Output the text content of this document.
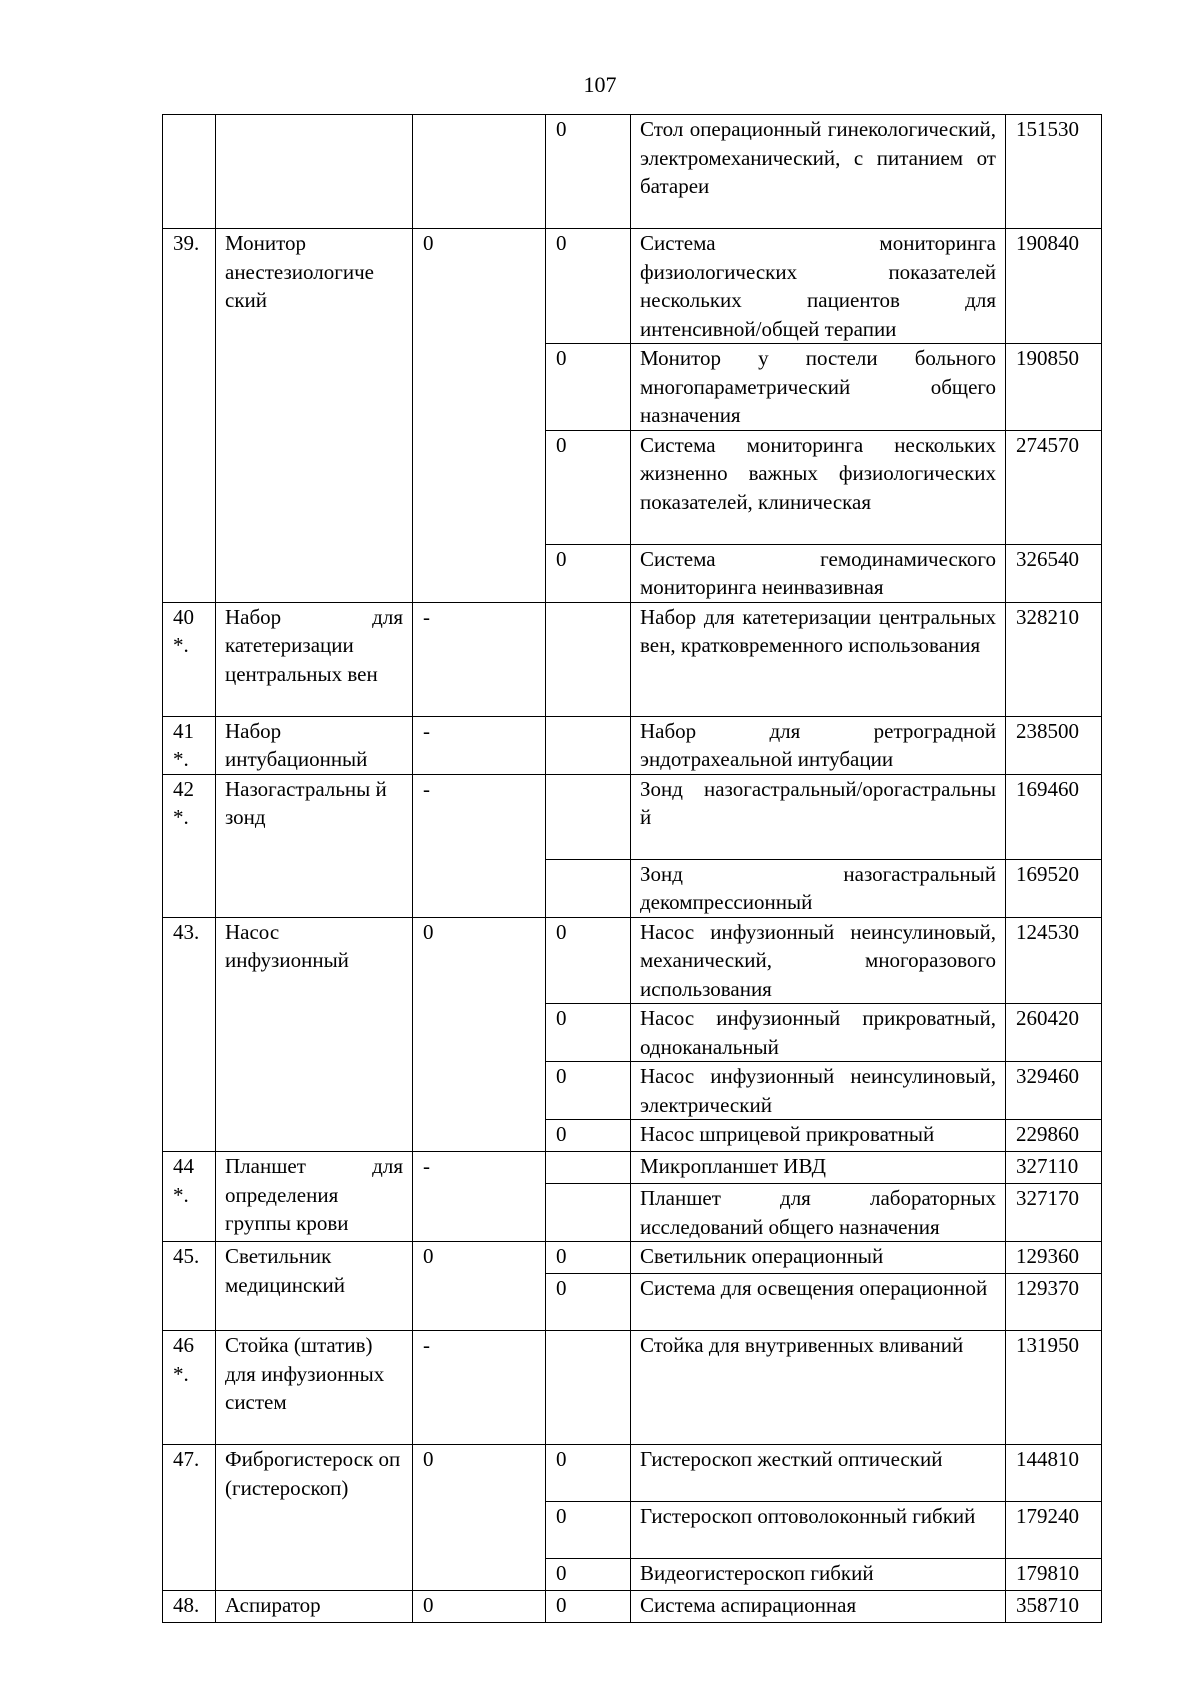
107
			0	Стол операционный гинекологический, электромеханический, с питанием от батареи	151530
39.	Монитор анестезиологиче ский	0	0	Система мониторинга физиологических показателей нескольких пациентов для интенсивной/общей терапии	190840
			0	Монитор у постели больного многопараметрический общего назначения	190850
			0	Система мониторинга нескольких жизненно важных физиологических показателей, клиническая	274570
			0	Система гемодинамического мониторинга неинвазивная	326540
40 *.	Набор для катетеризации центральных вен	-		Набор для катетеризации центральных вен, кратковременного использования	328210
41 *.	Набор интубационный	-		Набор для ретроградной эндотрахеальной интубации	238500
42 *.	Назогастральны й зонд	-		Зонд назогастральный/орогастральны й	169460
				Зонд назогастральный декомпрессионный	169520
43.	Насос инфузионный	0	0	Насос инфузионный неинсулиновый, механический, многоразового использования	124530
			0	Насос инфузионный прикроватный, одноканальный	260420
			0	Насос инфузионный неинсулиновый, электрический	329460
			0	Насос шприцевой прикроватный	229860
44 *.	Планшет для определения группы крови	-		Микропланшет ИВД	327110
				Планшет для лабораторных исследований общего назначения	327170
45.	Светильник медицинский	0	0	Светильник операционный	129360
			0	Система для освещения операционной	129370
46 *.	Стойка (штатив) для инфузионных систем	-		Стойка для внутривенных вливаний	131950
47.	Фиброгистероск оп (гистероскоп)	0	0	Гистероскоп жесткий оптический	144810
			0	Гистероскоп оптоволоконный гибкий	179240
			0	Видеогистероскоп гибкий	179810
48.	Аспиратор	0	0	Система аспирационная	358710
